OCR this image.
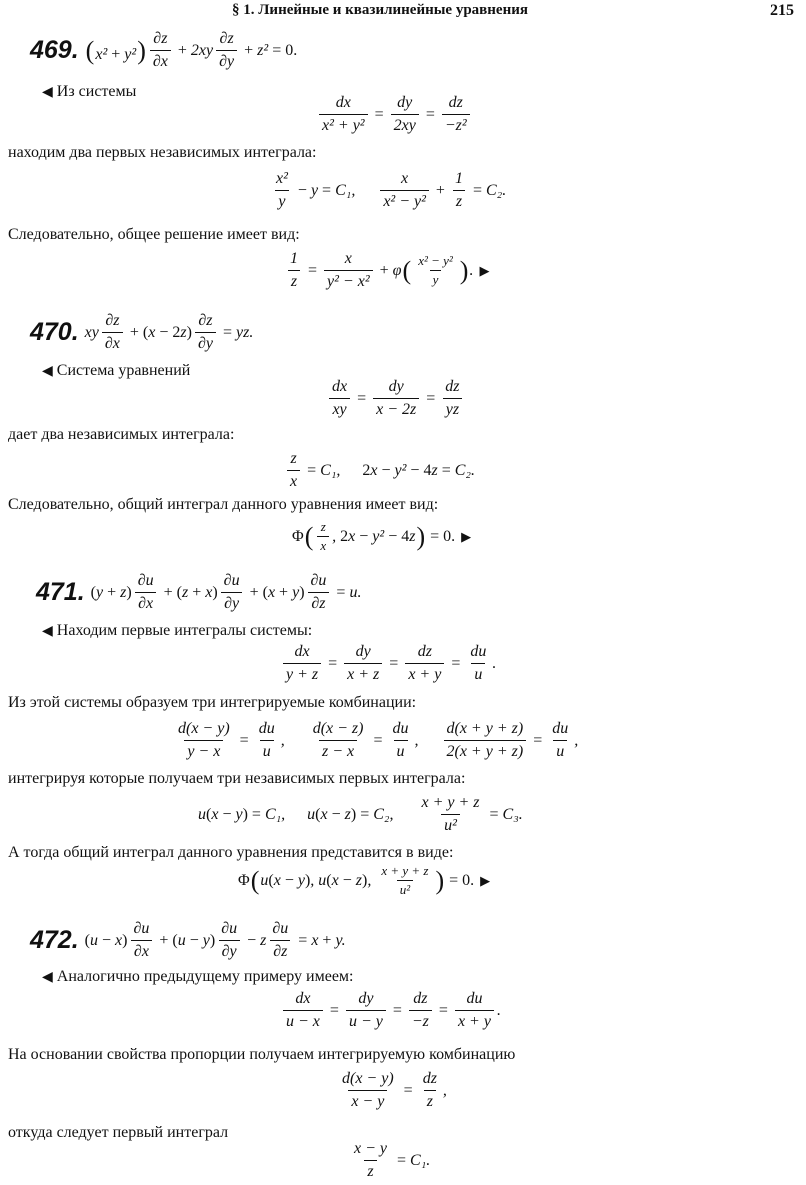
§ 1. Линейные и квазилинейные уравнения	215
469. $(x^2 + y^2) \frac{\partial z}{\partial x} + 2xy \frac{\partial z}{\partial y} + z^2 = 0$.
◀ Из системы
$\frac{dx}{\text{x² + y²}} = \frac{dy}{2xy} = \frac{dz}{\text{−z²}}$
находим два первых независимых интеграла:
$\frac{\text{x²}}{y} - y = C_1$, $\frac{x}{\text{x² − y²}} + \frac{1}{z} = C_2$.
Следовательно, общее решение имеет вид:
$\frac{1}{z} = \frac{x}{\text{y² − x²}} + \varphi$ ( $\frac{\text{x² − y²}}{y}$ ) . ▶
470. xy $\frac{\partial z}{\partial x}$ + ( x − 2 z ) $\frac{\partial z}{\partial y}$ = yz.
◀ Система уравнений
$\frac{dx}{xy} = \frac{dy}{x - 2z} = \frac{dz}{yz}$
дает два независимых интеграла:
$\frac{z}{x} = C_1$, 2 x − y² − 4 z = C₂.
Следовательно, общий интеграл данного уравнения имеет вид:
Φ ( $\frac{z}{x}$ , 2 x − y² − 4 z ) = 0. ▶
471. ( y + z ) $\frac{\partial u}{\partial x}$ + ( z + x ) $\frac{\partial u}{\partial y}$ + ( x + y ) $\frac{\partial u}{\partial z} = u$.
◀ Находим первые интегралы системы:
$\frac{dx}{y + z} = \frac{dy}{x + z} = \frac{dz}{x + y} = \frac{du}{u}$ .
Из этой системы образуем три интегрируемые комбинации:
$\frac{d(x - y)}{y - x} = \frac{du}{u}$ , $\frac{d(x - z)}{z - x} = \frac{du}{u}$ , $\frac{d(x + y + z)}{2(x + y + z)} = \frac{du}{u}$ ,
интегрируя которые получаем три независимых первых интеграла:
u ( x − y ) = C₁,
u ( x − z ) = C₂, $\frac{x + y + z}{\text{u²}} = C_3$.
А тогда общий интеграл данного уравнения представится в виде:
Φ ( u ( x − y ) , u ( x − z ) , $\frac{x + y + z}{\text{u²}}$ ) = 0. ▶
472. ( u − x ) $\frac{\partial u}{\partial x}$ + ( u − y ) $\frac{\partial u}{\partial y} - z \frac{\partial u}{\partial z} = x + y$.
◀ Аналогично предыдущему примеру имеем:
$\frac{dx}{u - x} = \frac{dy}{u - y} = \frac{dz}{-z} = \frac{du}{x + y}$ .
На основании свойства пропорции получаем интегрируемую комбинацию
$\frac{d(x - y)}{x - y} = \frac{dz}{z}$ ,
откуда следует первый интеграл
$\frac{x - y}{z} = C_1$.
